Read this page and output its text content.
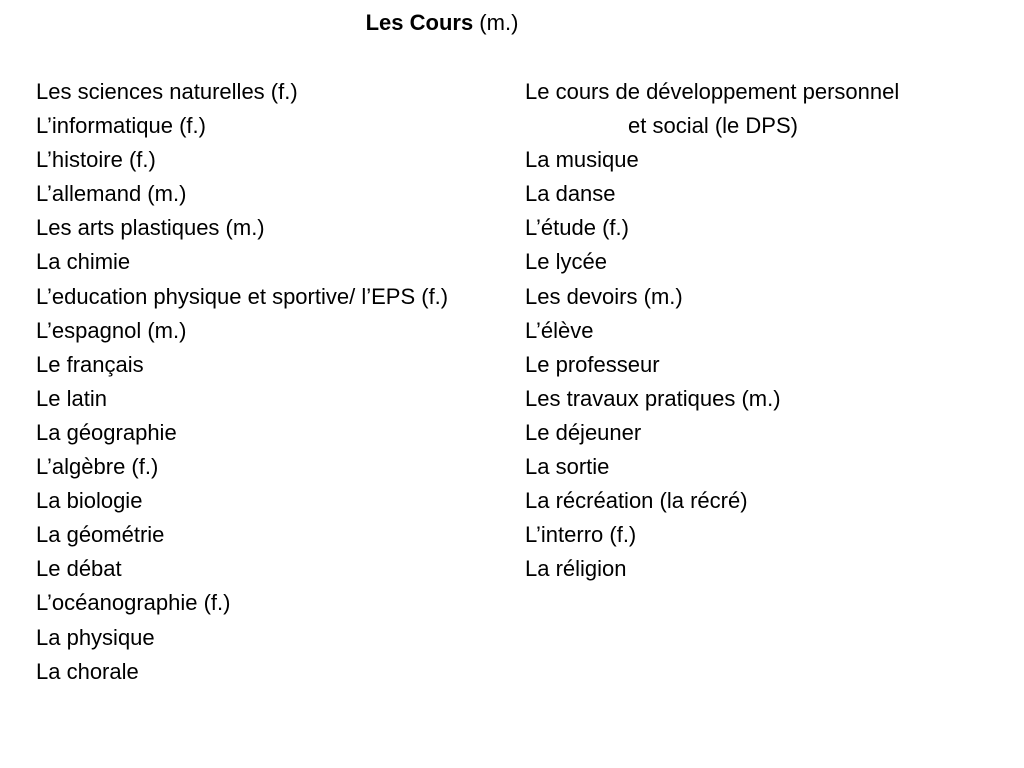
Les Cours (m.)
Les sciences naturelles (f.)
L’informatique (f.)
L’histoire (f.)
L’allemand (m.)
Les arts plastiques (m.)
La chimie
L’education physique et sportive/ l’EPS (f.)
L’espagnol (m.)
Le français
Le latin
La géographie
L’algèbre (f.)
La biologie
La géométrie
Le débat
L’océanographie (f.)
La physique
La chorale
Le cours de développement personnel
et social (le DPS)
La musique
La danse
L’étude (f.)
Le lycée
Les devoirs (m.)
L’élève
Le professeur
Les travaux pratiques (m.)
Le déjeuner
La sortie
La récréation (la récré)
L’interro (f.)
La réligion
